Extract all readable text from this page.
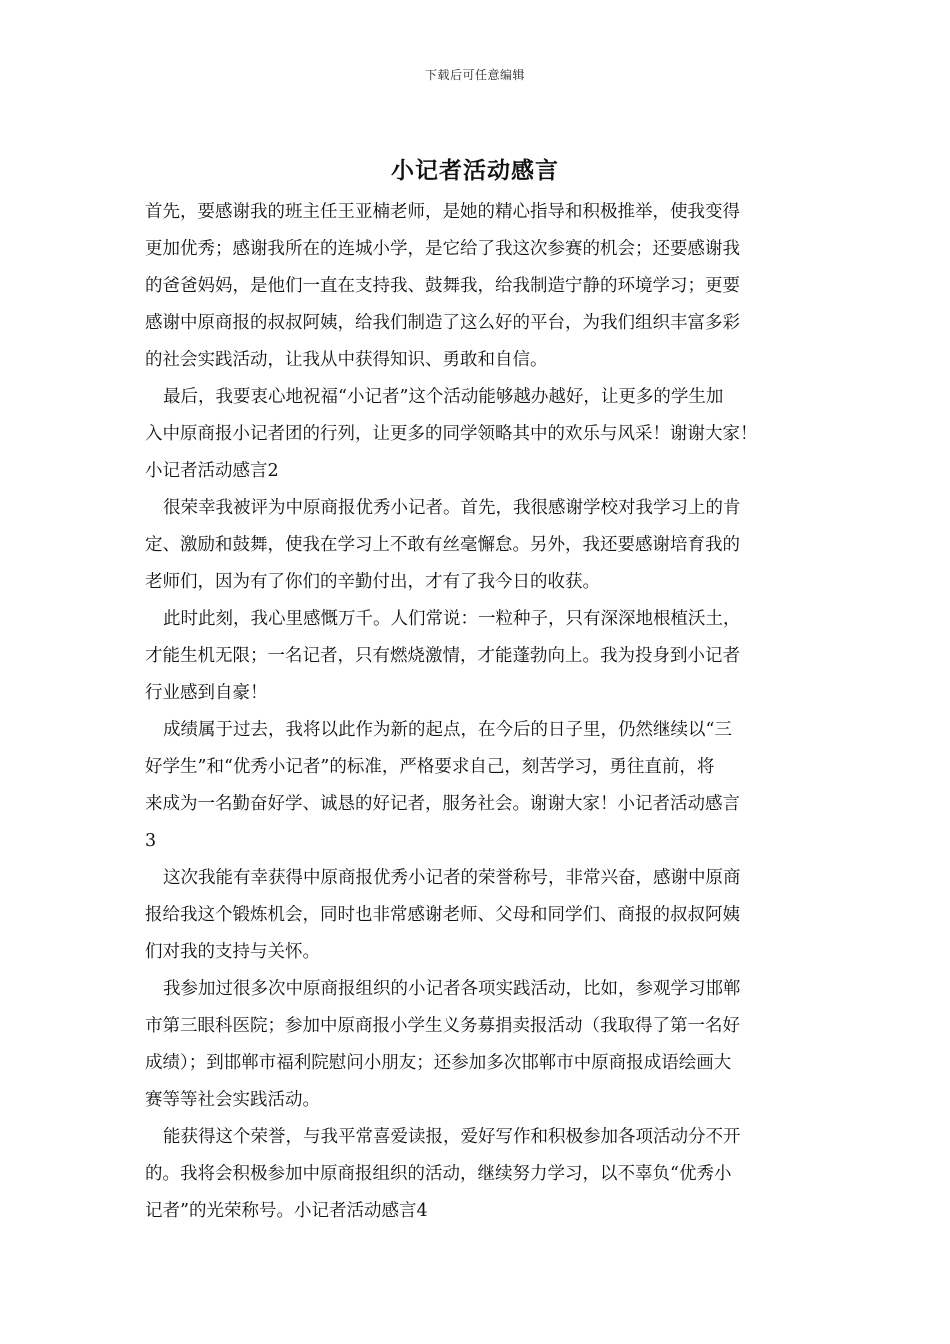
下载后可任意编辑
小记者活动感言
首先，要感谢我的班主任王亚楠老师，是她的精心指导和积极推举，使我变得
更加优秀；感谢我所在的连城小学，是它给了我这次参赛的机会；还要感谢我
的爸爸妈妈，是他们一直在支持我、鼓舞我，给我制造宁静的环境学习；更要
感谢中原商报的叔叔阿姨，给我们制造了这么好的平台，为我们组织丰富多彩
的社会实践活动，让我从中获得知识、勇敢和自信。
最后，我要衷心地祝福“小记者”这个活动能够越办越好，让更多的学生加
入中原商报小记者团的行列，让更多的同学领略其中的欢乐与风采！谢谢大家！
小记者活动感言2
很荣幸我被评为中原商报优秀小记者。首先，我很感谢学校对我学习上的肯
定、激励和鼓舞，使我在学习上不敢有丝毫懈怠。另外，我还要感谢培育我的
老师们，因为有了你们的辛勤付出，才有了我今日的收获。
此时此刻，我心里感慨万千。人们常说：一粒种子，只有深深地根植沃土，
才能生机无限；一名记者，只有燃烧激情，才能蓬勃向上。我为投身到小记者
行业感到自豪！
成绩属于过去，我将以此作为新的起点，在今后的日子里，仍然继续以“三
好学生”和“优秀小记者”的标准，严格要求自己，刻苦学习，勇往直前，将
来成为一名勤奋好学、诚恳的好记者，服务社会。谢谢大家！小记者活动感言
3
这次我能有幸获得中原商报优秀小记者的荣誉称号，非常兴奋，感谢中原商
报给我这个锻炼机会，同时也非常感谢老师、父母和同学们、商报的叔叔阿姨
们对我的支持与关怀。
我参加过很多次中原商报组织的小记者各项实践活动，比如，参观学习邯郸
市第三眼科医院；参加中原商报小学生义务募捐卖报活动（我取得了第一名好
成绩）；到邯郸市福利院慰问小朋友；还参加多次邯郸市中原商报成语绘画大
赛等等社会实践活动。
能获得这个荣誉，与我平常喜爱读报，爱好写作和积极参加各项活动分不开
的。我将会积极参加中原商报组织的活动，继续努力学习，以不辜负“优秀小
记者”的光荣称号。小记者活动感言4
